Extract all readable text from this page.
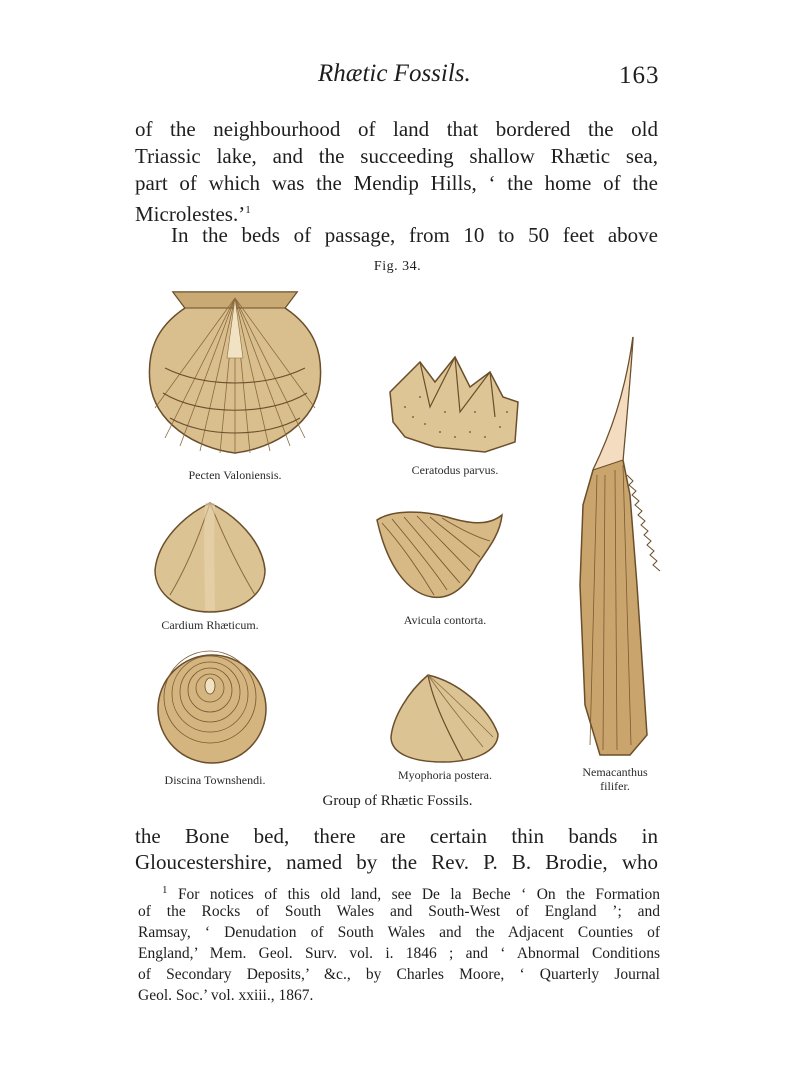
Rhætic Fossils.	163
of the neighbourhood of land that bordered the old
Triassic lake, and the succeeding shallow Rhætic sea,
part of which was the Mendip Hills, ‘ the home of the
Microlestes.’$^1$
In the beds of passage, from 10 to 50 feet above
Fig. 34.
Pecten Valoniensis.	Ceratodus parvus.
Cardium Rhæticum.	Avicula contorta.
Discina Townshendi.	Myophoria postera.	Nemacanthus
filifer.
Group of Rhætic Fossils.
the Bone bed, there are certain thin bands in
Gloucestershire, named by the Rev. P. B. Brodie, who
$^1$ For notices of this old land, see De la Beche ‘ On the Formation
of the Rocks of South Wales and South-West of England ’; and
Ramsay, ‘ Denudation of South Wales and the Adjacent Counties of
England,’ Mem. Geol. Surv. vol. i. 1846 ; and ‘ Abnormal Conditions
of Secondary Deposits,’ &c., by Charles Moore, ‘ Quarterly Journal
Geol. Soc.’ vol. xxiii., 1867.
